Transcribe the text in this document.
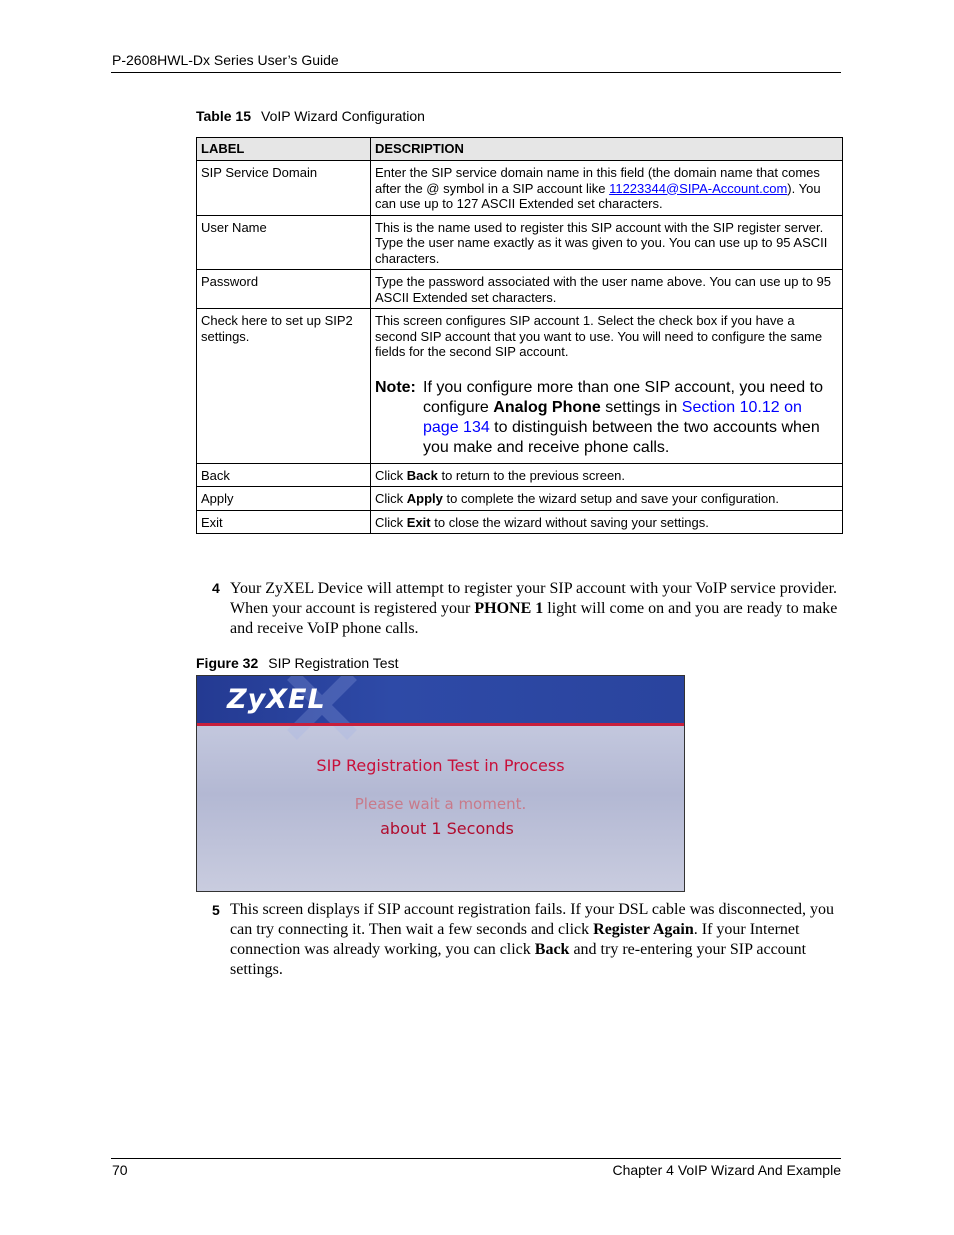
P-2608HWL-Dx Series User’s Guide
Table 15 VoIP Wizard Configuration
LABEL	DESCRIPTION
SIP Service Domain	Enter the SIP service domain name in this field (the domain name that comes after the @ symbol in a SIP account like 11223344@SIPA-Account.com). You can use up to 127 ASCII Extended set characters.
User Name	This is the name used to register this SIP account with the SIP register server. Type the user name exactly as it was given to you. You can use up to 95 ASCII characters.
Password	Type the password associated with the user name above. You can use up to 95 ASCII Extended set characters.
Check here to set up SIP2 settings.	This screen configures SIP account 1. Select the check box if you have a second SIP account that you want to use. You will need to configure the same fields for the second SIP account.
Note: If you configure more than one SIP account, you need to configure Analog Phone settings in Section 10.12 on page 134 to distinguish between the two accounts when you make and receive phone calls.

Back	Click Back to return to the previous screen.
Apply	Click Apply to complete the wizard setup and save your configuration.
Exit	Click Exit to close the wizard without saving your settings.
4 Your ZyXEL Device will attempt to register your SIP account with your VoIP service provider. When your account is registered your PHONE 1 light will come on and you are ready to make and receive VoIP phone calls.
Figure 32 SIP Registration Test
ZyXEL
SIP Registration Test in Process
Please wait a moment.
about 1 Seconds
5 This screen displays if SIP account registration fails. If your DSL cable was disconnected, you can try connecting it. Then wait a few seconds and click Register Again. If your Internet connection was already working, you can click Back and try re-entering your SIP account settings.
70	Chapter 4 VoIP Wizard And Example
